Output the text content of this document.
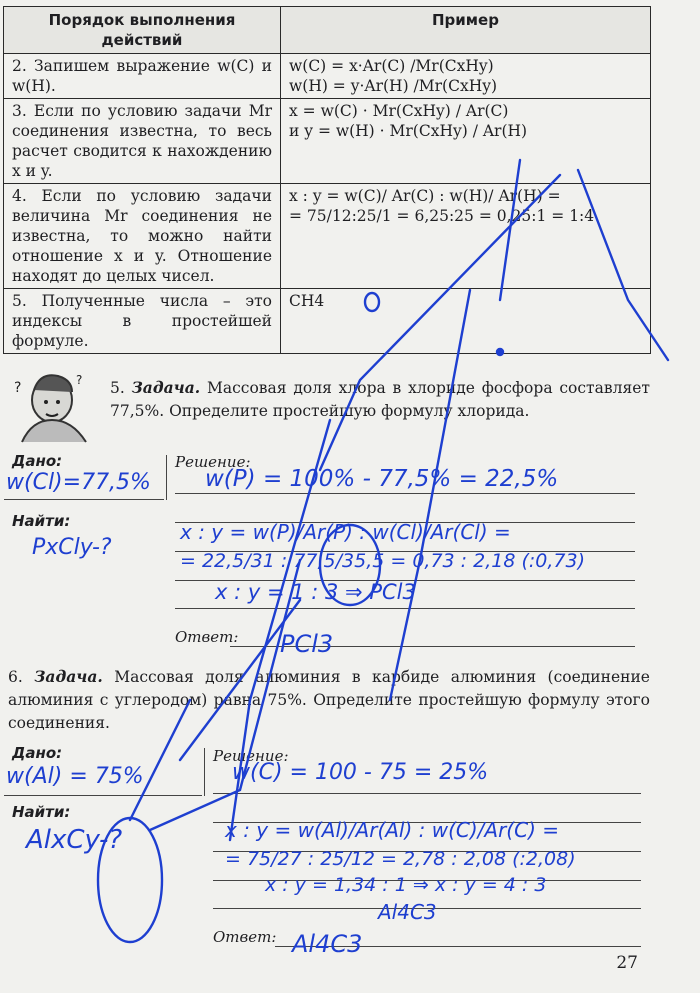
Порядок выполнения действий	Пример
2. Запишем выражение w(C) и w(H).	w(C) = x·Ar(C) /Mr(CxHy)
w(H) = y·Ar(H) /Mr(CxHy)

3. Если по условию задачи Mr соединения известна, то весь расчет сводится к нахождению x и y.	x = w(C) · Mr(CxHy) / Ar(C)
и y = w(H) · Mr(CxHy) / Ar(H)

4. Если по условию задачи величина Mr соединения не известна, то можно найти отношение x и y. Отношение находят до целых чисел.	x : y = w(C)/ Ar(C) : w(H)/ Ar(H) =
= 75/12:25/1 = 6,25:25 = 0,25:1 = 1:4

5. Полученные числа – это индексы в простейшей формуле.	CH4
?	? 5. Задача. Массовая доля хлора в хлориде фосфора составляет 77,5%. Определите простейшую формулу хлорида.
Дано:	Решение:
Найти:
Ответ:
w(Cl)=77,5%
PxCly-?
w(P) = 100% - 77,5% = 22,5%
x : y = w(P)/Ar(P) : w(Cl)/Ar(Cl) =
= 22,5/31 : 77,5/35,5 = 0,73 : 2,18 (:0,73)
x : y = 1 : 3 ⇒ PCl3
PCl3
6. Задача. Массовая доля алюминия в карбиде алюминия (соединение алюминия с углеродом) равна 75%. Определите простейшую формулу этого соединения.
Дано:	Решение:
Найти:
Ответ:
w(Al) = 75%
AlxCy-?
w(C) = 100 - 75 = 25%
x : y = w(Al)/Ar(Al) : w(C)/Ar(C) =
= 75/27 : 25/12 = 2,78 : 2,08 (:2,08)
x : y = 1,34 : 1 ⇒ x : y = 4 : 3
Al4C3
Al4C3
27
